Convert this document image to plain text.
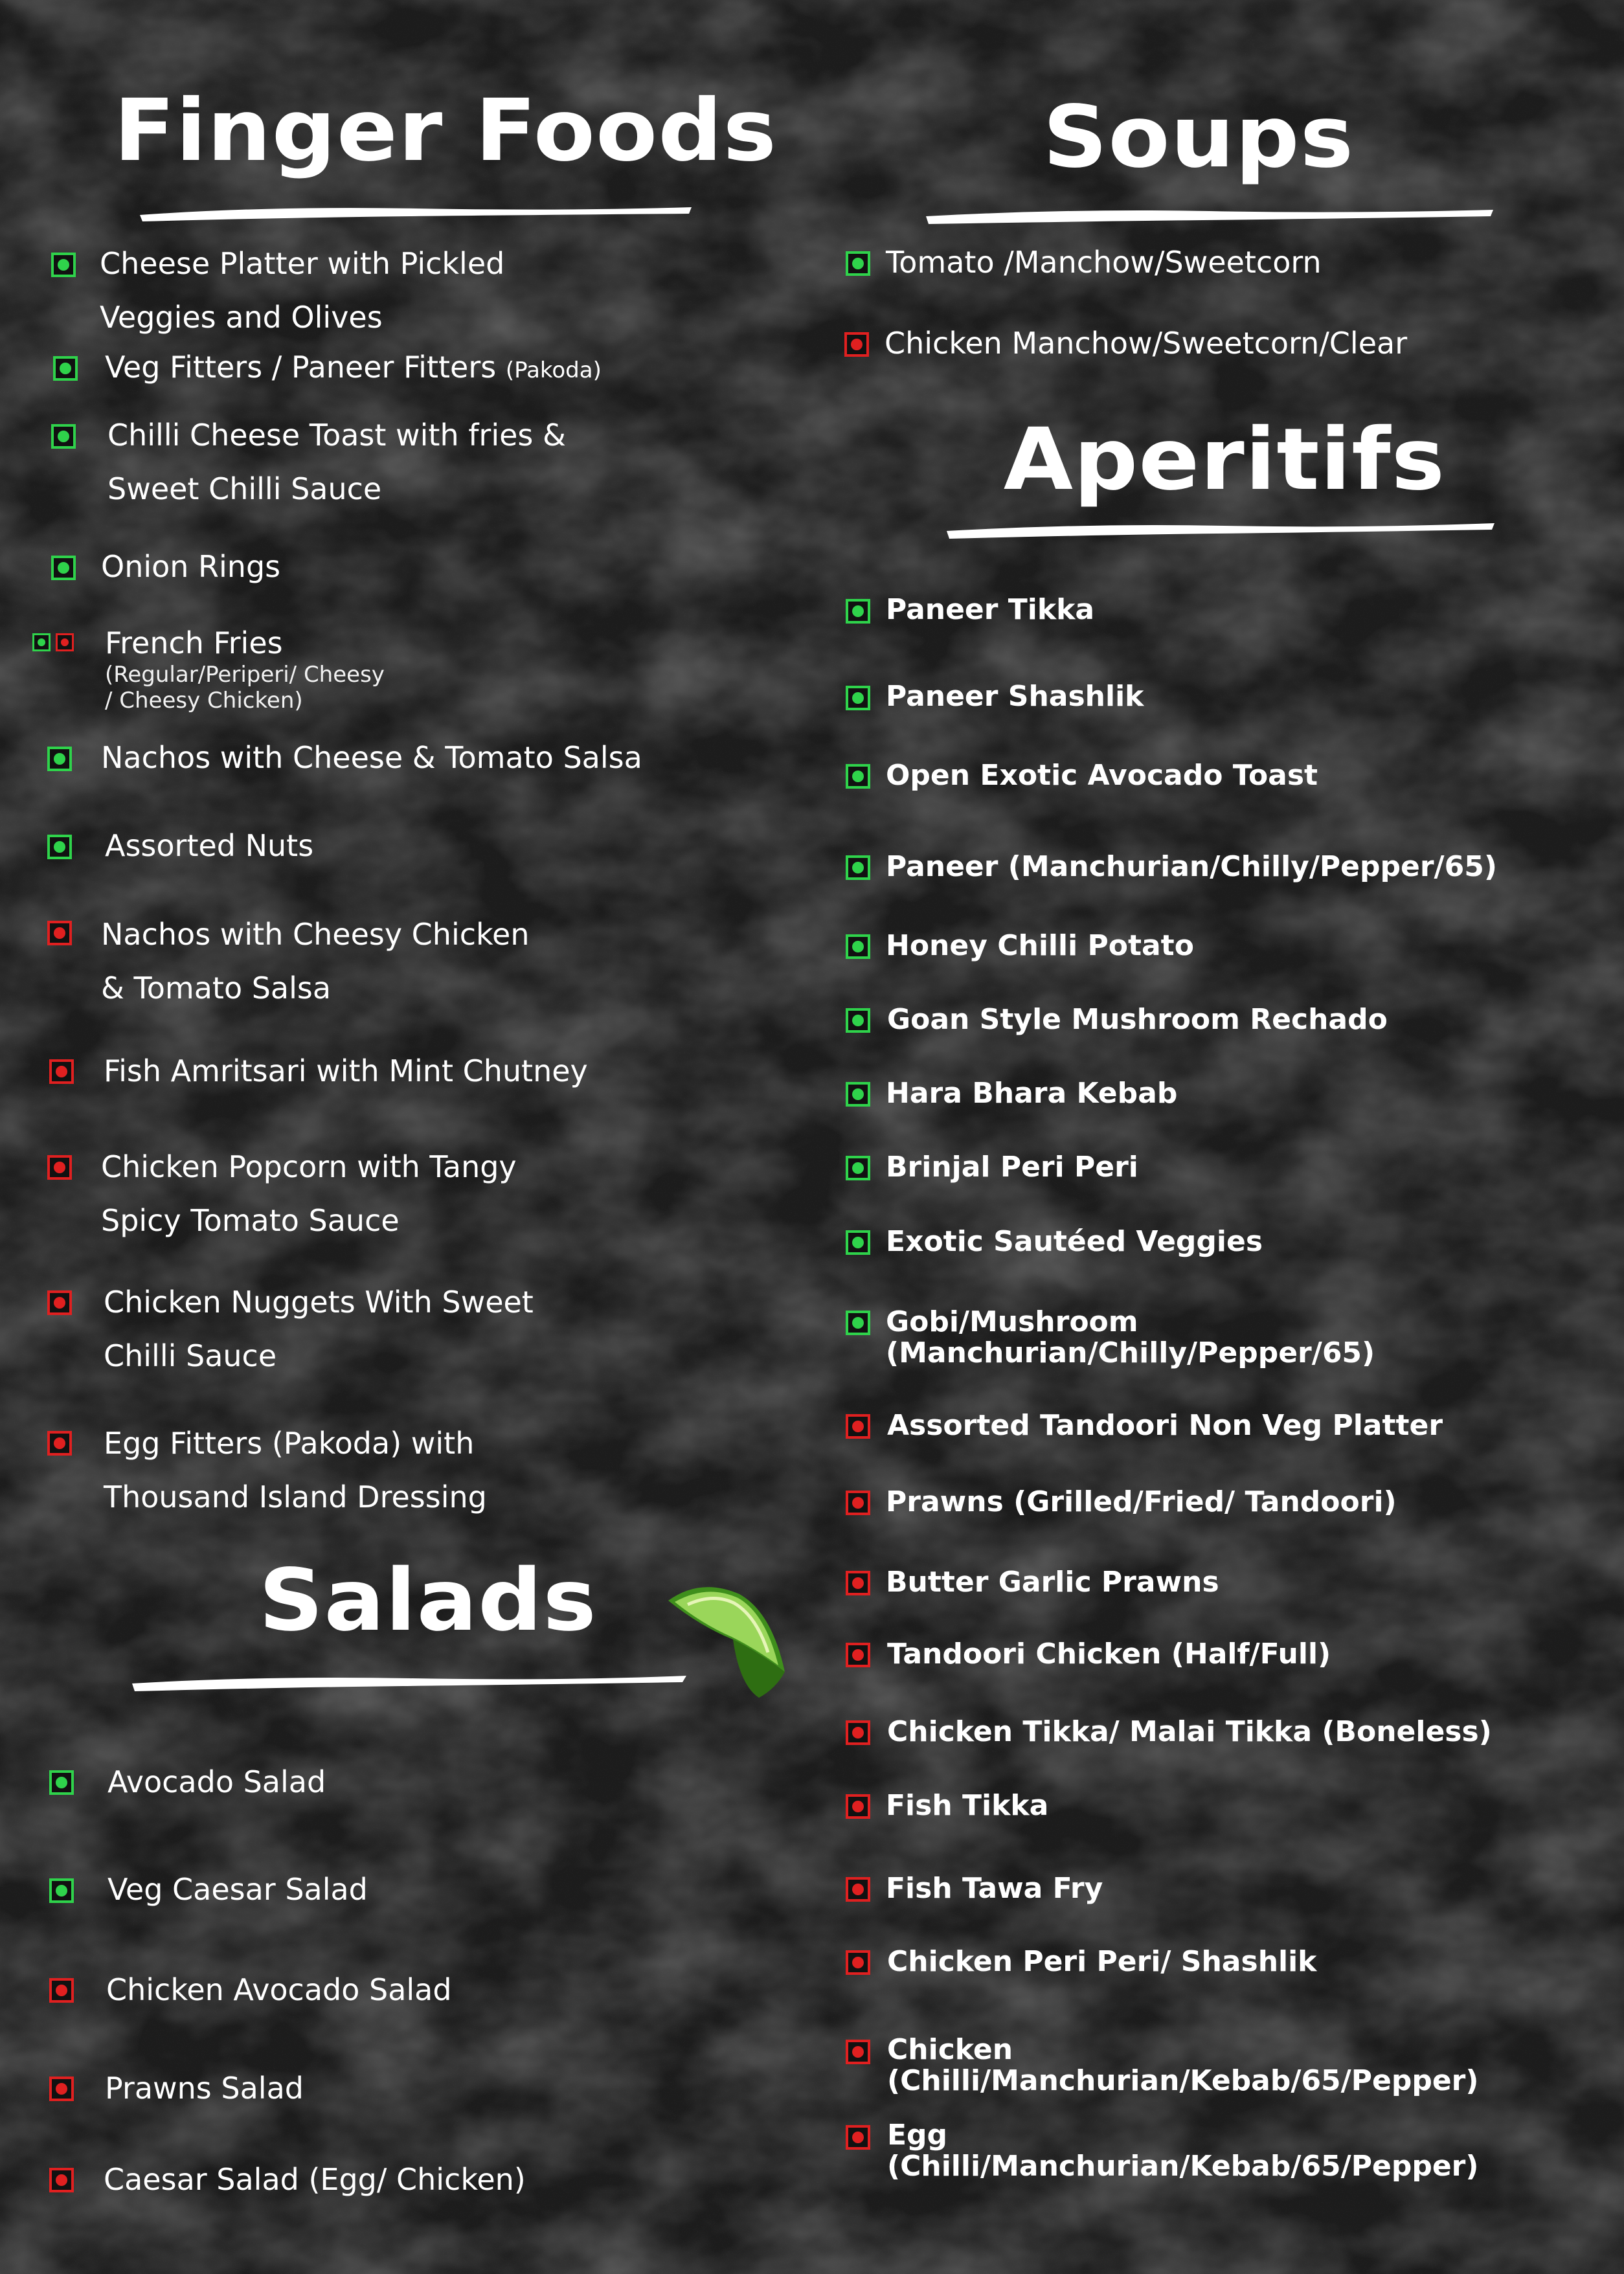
Finger Foods	Soups
Aperitifs
Salads
Cheese Platter with Pickled
Veggies and Olives
Veg Fitters / Paneer Fitters (Pakoda)
Chilli Cheese Toast with fries &
Sweet Chilli Sauce
Onion Rings
French Fries
(Regular/Periperi/ Cheesy
/ Cheesy Chicken)
Nachos with Cheese & Tomato Salsa
Assorted Nuts
Nachos with Cheesy Chicken
& Tomato Salsa
Fish Amritsari with Mint Chutney
Chicken Popcorn with Tangy
Spicy Tomato Sauce
Chicken Nuggets With Sweet
Chilli Sauce
Egg Fitters (Pakoda) with
Thousand Island Dressing
Avocado Salad
Veg Caesar Salad
Chicken Avocado Salad
Prawns Salad
Caesar Salad (Egg/ Chicken)
Tomato /Manchow/Sweetcorn
Chicken Manchow/Sweetcorn/Clear
Paneer Tikka
Paneer Shashlik
Open Exotic Avocado Toast
Paneer (Manchurian/Chilly/Pepper/65)
Honey Chilli Potato
Goan Style Mushroom Rechado
Hara Bhara Kebab
Brinjal Peri Peri
Exotic Sautéed Veggies
Gobi/Mushroom
(Manchurian/Chilly/Pepper/65)
Assorted Tandoori Non Veg Platter
Prawns (Grilled/Fried/ Tandoori)
Butter Garlic Prawns
Tandoori Chicken (Half/Full)
Chicken Tikka/ Malai Tikka (Boneless)
Fish Tikka
Fish Tawa Fry
Chicken Peri Peri/ Shashlik
Chicken
(Chilli/Manchurian/Kebab/65/Pepper)
Egg
(Chilli/Manchurian/Kebab/65/Pepper)
